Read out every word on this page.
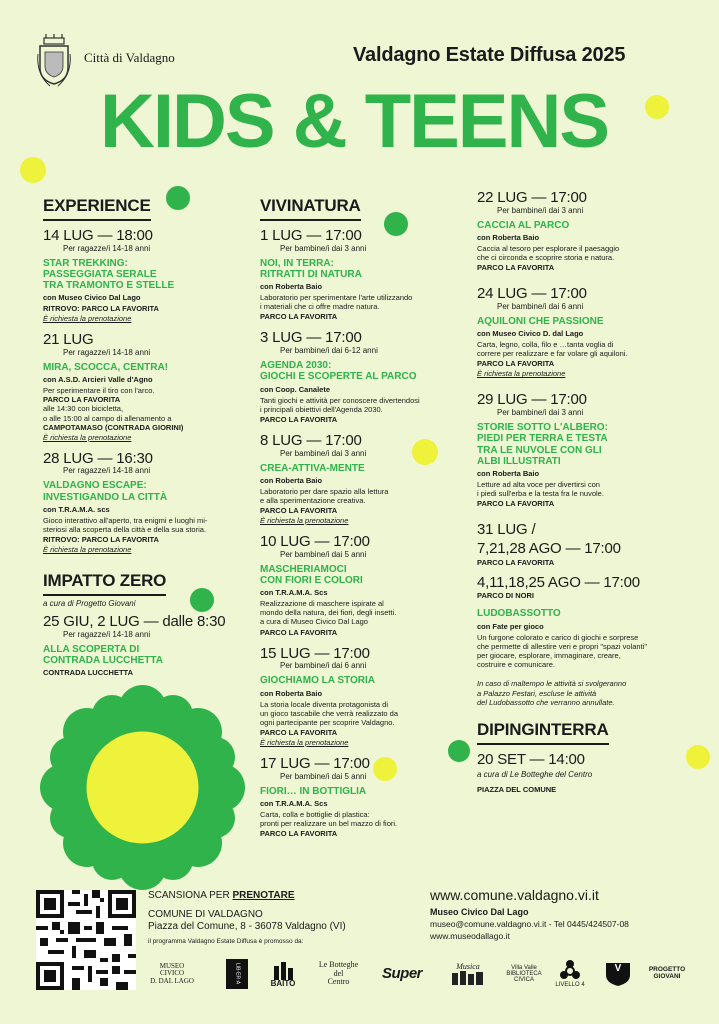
Città di Valdagno	Valdagno Estate Diffusa 2025
KIDS & TEENS
EXPERIENCE
14 LUG — 18:00
Per ragazze/i 14-18 anni
STAR TREKKING:
PASSEGGIATA SERALE
TRA TRAMONTO E STELLE
con Museo Civico Dal Lago
RITROVO: PARCO LA FAVORITA
È richiesta la prenotazione
21 LUG
Per ragazze/i 14-18 anni
MIRA, SCOCCA, CENTRA!
con A.S.D. Arcieri Valle d'Agno
Per sperimentare il tiro con l'arco.
PARCO LA FAVORITA
alle 14:30 con bicicletta,
o alle 15:00 al campo di allenamento a
CAMPOTAMASO (CONTRADA GIORINI)
È richiesta la prenotazione
28 LUG — 16:30
Per ragazze/i 14-18 anni
VALDAGNO ESCAPE:
INVESTIGANDO LA CITTÀ
con T.R.A.M.A. scs
Gioco interattivo all'aperto, tra enigmi e luoghi mi-
steriosi alla scoperta della città e della sua storia.
RITROVO: PARCO LA FAVORITA
È richiesta la prenotazione
IMPATTO ZERO
a cura di Progetto Giovani
25 GIU, 2 LUG — dalle 8:30
Per ragazze/i 14-18 anni
ALLA SCOPERTA DI
CONTRADA LUCCHETTA
CONTRADA LUCCHETTA
VIVINATURA
1 LUG — 17:00
Per bambine/i dai 3 anni
NOI, IN TERRA:
RITRATTI DI NATURA
con Roberta Baio
Laboratorio per sperimentare l'arte utilizzando
i materiali che ci offre madre natura.
PARCO LA FAVORITA
3 LUG — 17:00
Per bambine/i dai 6-12 anni
AGENDA 2030:
GIOCHI E SCOPERTE AL PARCO
con Coop. Canalete
Tanti giochi e attività per conoscere divertendosi
i principali obiettivi dell'Agenda 2030.
PARCO LA FAVORITA
8 LUG — 17:00
Per bambine/i dai 3 anni
CREA-ATTIVA-MENTE
con Roberta Baio
Laboratorio per dare spazio alla lettura
e alla sperimentazione creativa.
PARCO LA FAVORITA
È richiesta la prenotazione
10 LUG — 17:00
Per bambine/i dai 5 anni
MASCHERIAMOCI
CON FIORI E COLORI
con T.R.A.M.A. Scs
Realizzazione di maschere ispirate al
mondo della natura, dei fiori, degli insetti.
a cura di Museo Civico Dal Lago
PARCO LA FAVORITA
15 LUG — 17:00
Per bambine/i dai 6 anni
GIOCHIAMO LA STORIA
con Roberta Baio
La storia locale diventa protagonista di
un gioco tascabile che verrà realizzato da
ogni partecipante per scoprire Valdagno.
PARCO LA FAVORITA
È richiesta la prenotazione
17 LUG — 17:00
Per bambine/i dai 5 anni
FIORI… IN BOTTIGLIA
con T.R.A.M.A. Scs
Carta, colla e bottiglie di plastica:
pronti per realizzare un bel mazzo di fiori.
PARCO LA FAVORITA
22 LUG — 17:00
Per bambine/i dai 3 anni
CACCIA AL PARCO
con Roberta Baio
Caccia al tesoro per esplorare il paesaggio
che ci circonda e scoprire storia e natura.
PARCO LA FAVORITA
24 LUG — 17:00
Per bambine/i dai 6 anni
AQUILONI CHE PASSIONE
con Museo Civico D. dal Lago
Carta, legno, colla, filo e …tanta voglia di
correre per realizzare e far volare gli aquiloni.
PARCO LA FAVORITA
È richiesta la prenotazione
29 LUG — 17:00
Per bambine/i dai 3 anni
STORIE SOTTO L'ALBERO:
PIEDI PER TERRA E TESTA
TRA LE NUVOLE CON GLI
ALBI ILLUSTRATI
con Roberta Baio
Letture ad alta voce per divertirsi con
i piedi sull'erba e la testa fra le nuvole.
PARCO LA FAVORITA
31 LUG /
7,21,28 AGO — 17:00
PARCO LA FAVORITA
4,11,18,25 AGO — 17:00
PARCO DI NORI
LUDOBASSOTTO
con Fate per gioco
Un furgone colorato e carico di giochi e sorprese
che permette di allestire veri e propri "spazi volanti"
per giocare, esplorare, immaginare, creare,
costruire e comunicare.
In caso di maltempo le attività si svolgeranno
a Palazzo Festari, escluse le attività
del Ludobassotto che verranno annullate.
DIPINGINTERRA
20 SET — 14:00
a cura di Le Botteghe del Centro
PIAZZA DEL COMUNE
SCANSIONA PER PRENOTARE
COMUNE DI VALDAGNO
Piazza del Comune, 8 - 36078 Valdagno (VI)
il programma Valdagno Estate Diffusa è promosso da:
www.comune.valdagno.vi.it
Museo Civico Dal Lago
museo@comune.valdagno.vi.it - Tel 0445/424507-08
www.museodallago.it
MUSEO
CIVICO
D. DAL LAGO	LIB·ER·A	BAITO
Le Botteghe
del
Centro	Super	Musica	Villa Valle
BIBLIOTECA CIVICA
LIVELLO 4
V	PROGETTO
GIOVANI
